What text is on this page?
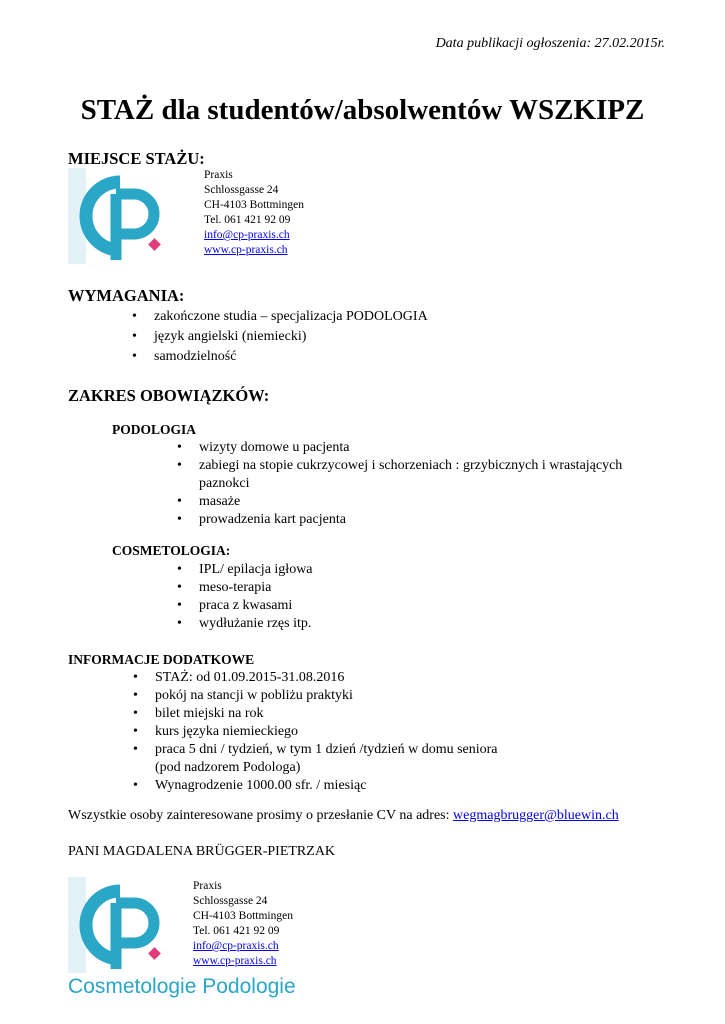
Data publikacji ogłoszenia: 27.02.2015r.
STAŻ dla studentów/absolwentów WSZKIPZ
MIEJSCE STAŻU:
Praxis
Schlossgasse 24
CH-4103 Bottmingen
Tel. 061 421 92 09
info@cp-praxis.ch
www.cp-praxis.ch
WYMAGANIA:
• zakończone studia – specjalizacja PODOLOGIA
• język angielski (niemiecki)
• samodzielność
ZAKRES OBOWIĄZKÓW:
PODOLOGIA
• wizyty domowe u pacjenta
• zabiegi na stopie cukrzycowej i schorzeniach : grzybicznych i wrastających
paznokci
• masaże
• prowadzenia kart pacjenta
COSMETOLOGIA:
• IPL/ epilacja igłowa
• meso-terapia
• praca z kwasami
• wydłużanie rzęs itp.
INFORMACJE DODATKOWE
• STAŻ: od 01.09.2015-31.08.2016
• pokój na stancji w pobliżu praktyki
• bilet miejski na rok
• kurs języka niemieckiego
• praca 5 dni / tydzień, w tym 1 dzień /tydzień w domu seniora
(pod nadzorem Podologa)
• Wynagrodzenie 1000.00 sfr. / miesiąc
Wszystkie osoby zainteresowane prosimy o przesłanie CV na adres: wegmagbrugger@bluewin.ch
PANI MAGDALENA BRÜGGER-PIETRZAK
Praxis
Schlossgasse 24
CH-4103 Bottmingen
Tel. 061 421 92 09
info@cp-praxis.ch
www.cp-praxis.ch
Cosmetologie Podologie
